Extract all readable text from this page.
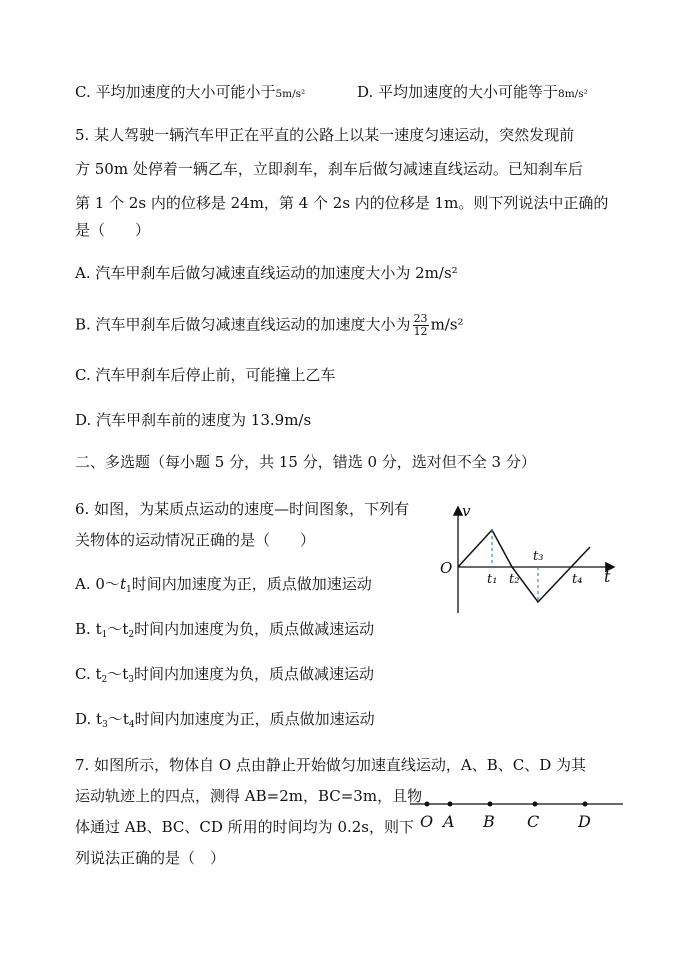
C. 平均加速度的大小可能小于5m/s²	D. 平均加速度的大小可能等于8m/s²
5. 某人驾驶一辆汽车甲正在平直的公路上以某一速度匀速运动，突然发现前
方 50m 处停着一辆乙车，立即刹车，刹车后做匀减速直线运动。已知刹车后
第 1 个 2s 内的位移是 24m，第 4 个 2s 内的位移是 1m。则下列说法中正确的
是（　　）
A. 汽车甲刹车后做匀减速直线运动的加速度大小为 2m/s²
B. 汽车甲刹车后做匀减速直线运动的加速度大小为 $\frac{23}{12} m/s^2$
C. 汽车甲刹车后停止前，可能撞上乙车
D. 汽车甲刹车前的速度为 13.9m/s
二、多选题（每小题 5 分，共 15 分，错选 0 分，选对但不全 3 分）
6. 如图，为某质点运动的速度—时间图象，下列有
关物体的运动情况正确的是（　　）
A. $0\sim t_1$时间内加速度为正，质点做加速运动
B. $t_1\sim t_2$时间内加速度为负，质点做减速运动
C. $t_2\sim t_3$时间内加速度为负，质点做减速运动
D. $t_3\sim t_4$时间内加速度为正，质点做加速运动
v
t
O
t₁ t₂
t₃
t₄
7. 如图所示，物体自 O 点由静止开始做匀加速直线运动，A、B、C、D 为其
运动轨迹上的四点，测得 AB=2m，BC=3m，且物
体通过 AB、BC、CD 所用的时间均为 0.2s，则下
列说法正确的是（　）
O A B C D
